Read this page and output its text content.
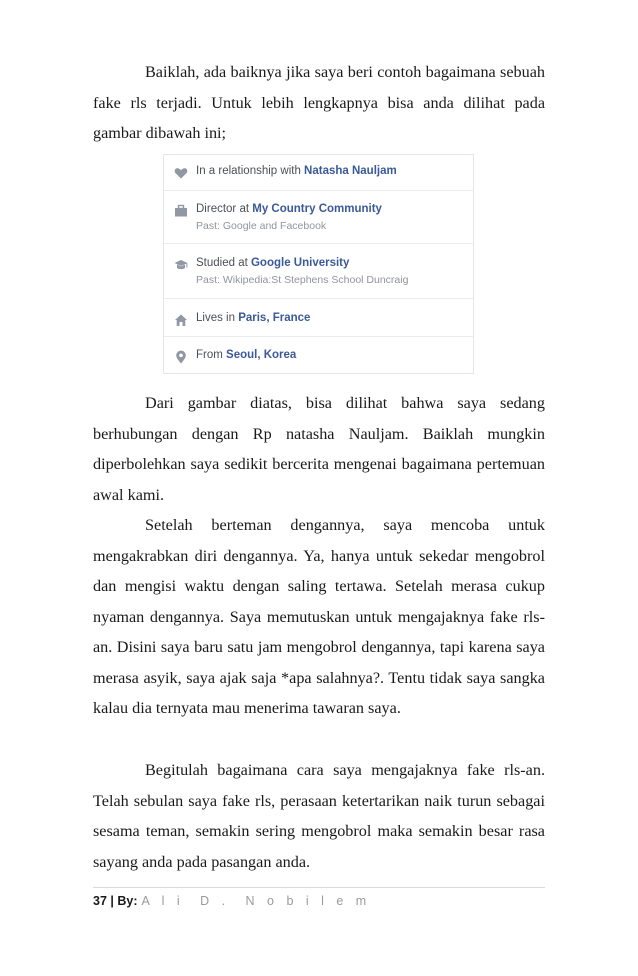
Baiklah, ada baiknya jika saya beri contoh bagaimana sebuah fake rls terjadi. Untuk lebih lengkapnya bisa anda dilihat pada gambar dibawah ini;

In a relationship with Natasha Nauljam
Director at My Country Community
Past: Google and Facebook
Studied at Google University
Past: Wikipedia:St Stephens School Duncraig
Lives in Paris, France
From Seoul, Korea

Dari gambar diatas, bisa dilihat bahwa saya sedang berhubungan dengan Rp natasha Nauljam. Baiklah mungkin diperbolehkan saya sedikit bercerita mengenai bagaimana pertemuan awal kami.

Setelah berteman dengannya, saya mencoba untuk mengakrabkan diri dengannya. Ya, hanya untuk sekedar mengobrol dan mengisi waktu dengan saling tertawa. Setelah merasa cukup nyaman dengannya. Saya memutuskan untuk mengajaknya fake rls-an. Disini saya baru satu jam mengobrol dengannya, tapi karena saya merasa asyik, saya ajak saja *apa salahnya?. Tentu tidak saya sangka kalau dia ternyata mau menerima tawaran saya.

Begitulah bagaimana cara saya mengajaknya fake rls-an. Telah sebulan saya fake rls, perasaan ketertarikan naik turun sebagai sesama teman, semakin sering mengobrol maka semakin besar rasa sayang anda pada pasangan anda.

37 | By: A l i  D .  N o b i l e m
